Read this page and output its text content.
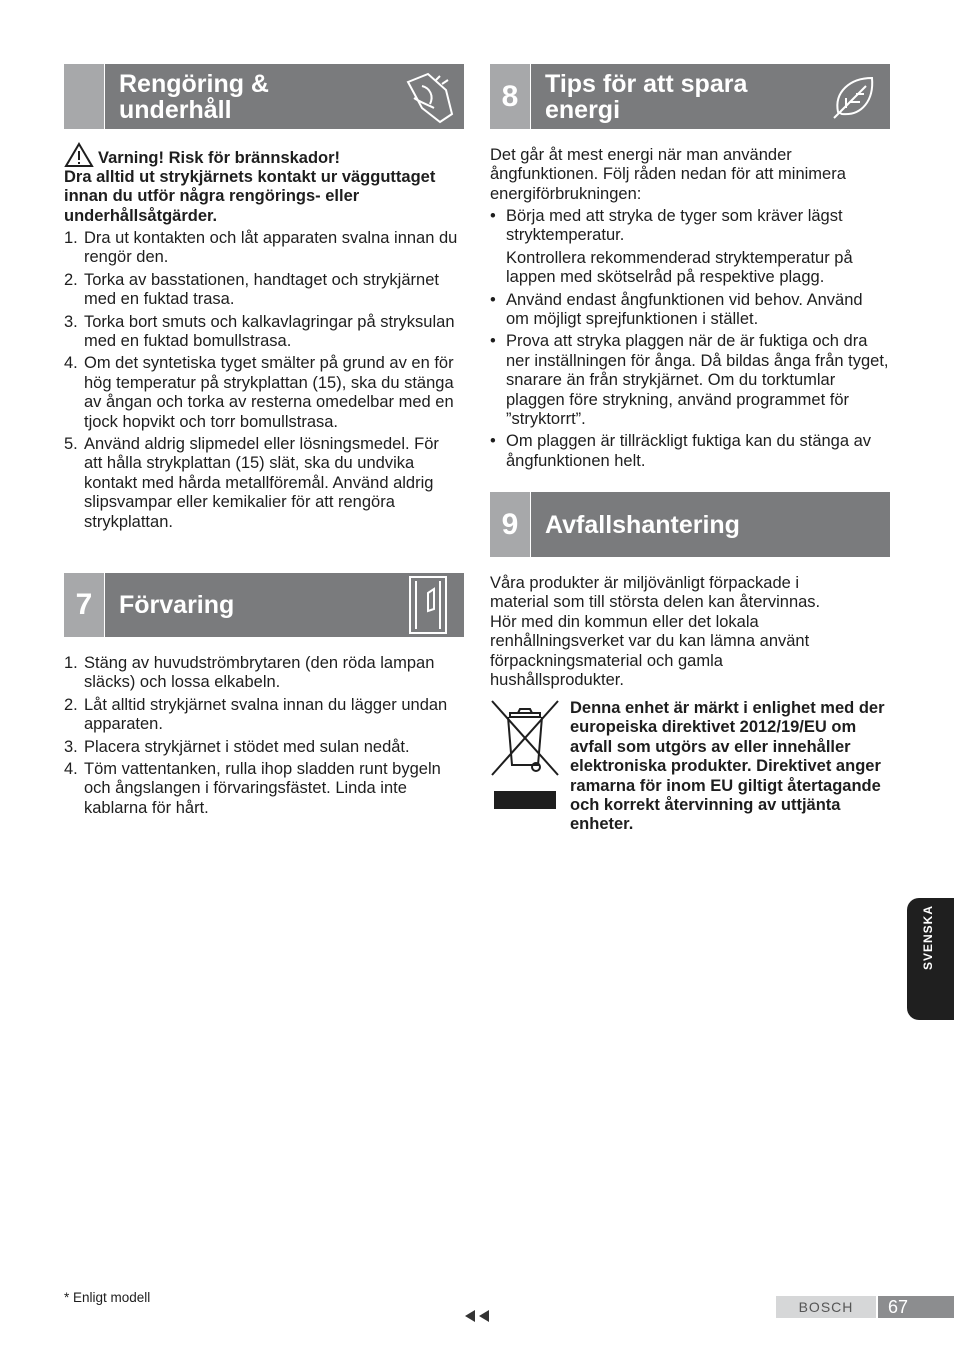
Rengöring & underhåll
Varning! Risk för brännskador!
Dra alltid ut strykjärnets kontakt ur vägguttaget innan du utför några rengörings- eller underhållsåtgärder.
1. Dra ut kontakten och låt apparaten svalna innan du rengör den.
2. Torka av basstationen, handtaget och strykjärnet med en fuktad trasa.
3. Torka bort smuts och kalkavlagringar på stryksulan med en fuktad bomullstrasa.
4. Om det syntetiska tyget smälter på grund av en för hög temperatur på strykplattan (15), ska du stänga av ångan och torka av resterna omedelbar med en tjock hopvikt och torr bomullstrasa.
5. Använd aldrig slipmedel eller lösningsmedel. För att hålla strykplattan (15) slät, ska du undvika kontakt med hårda metallföremål. Använd aldrig slipsvampar eller kemikalier för att rengöra strykplattan.
7	Förvaring
1. Stäng av huvudströmbrytaren (den röda lampan släcks) och lossa elkabeln.
2. Låt alltid strykjärnet svalna innan du lägger undan apparaten.
3. Placera strykjärnet i stödet med sulan nedåt.
4. Töm vattentanken, rulla ihop sladden runt bygeln och ångslangen i förvaringsfästet. Linda inte kablarna för hårt.
8	Tips för att spara energi
Det går åt mest energi när man använder ångfunktionen. Följ råden nedan för att minimera energiförbrukningen:
• Börja med att stryka de tyger som kräver lägst stryktemperatur.
Kontrollera rekommenderad stryktemperatur på lappen med skötselråd på respektive plagg.
• Använd endast ångfunktionen vid behov. Använd om möjligt sprejfunktionen i stället.
• Prova att stryka plaggen när de är fuktiga och dra ner inställningen för ånga. Då bildas ånga från tyget, snarare än från strykjärnet. Om du torktumlar plaggen före strykning, använd programmet för ”stryktorrt”.
• Om plaggen är tillräckligt fuktiga kan du stänga av ångfunktionen helt.
9	Avfallshantering
Våra produkter är miljövänligt förpackade i material som till största delen kan återvinnas. Hör med din kommun eller det lokala renhållningsverket var du kan lämna använt förpackningsmaterial och gamla hushållsprodukter.
Denna enhet är märkt i enlighet med der europeiska direktivet 2012/19/EU om avfall som utgörs av eller innehåller elektroniska produkter. Direktivet anger ramarna för inom EU giltigt återtagande och korrekt återvinning av uttjänta enheter.
SVENSKA
* Enligt modell
BOSCH	67
